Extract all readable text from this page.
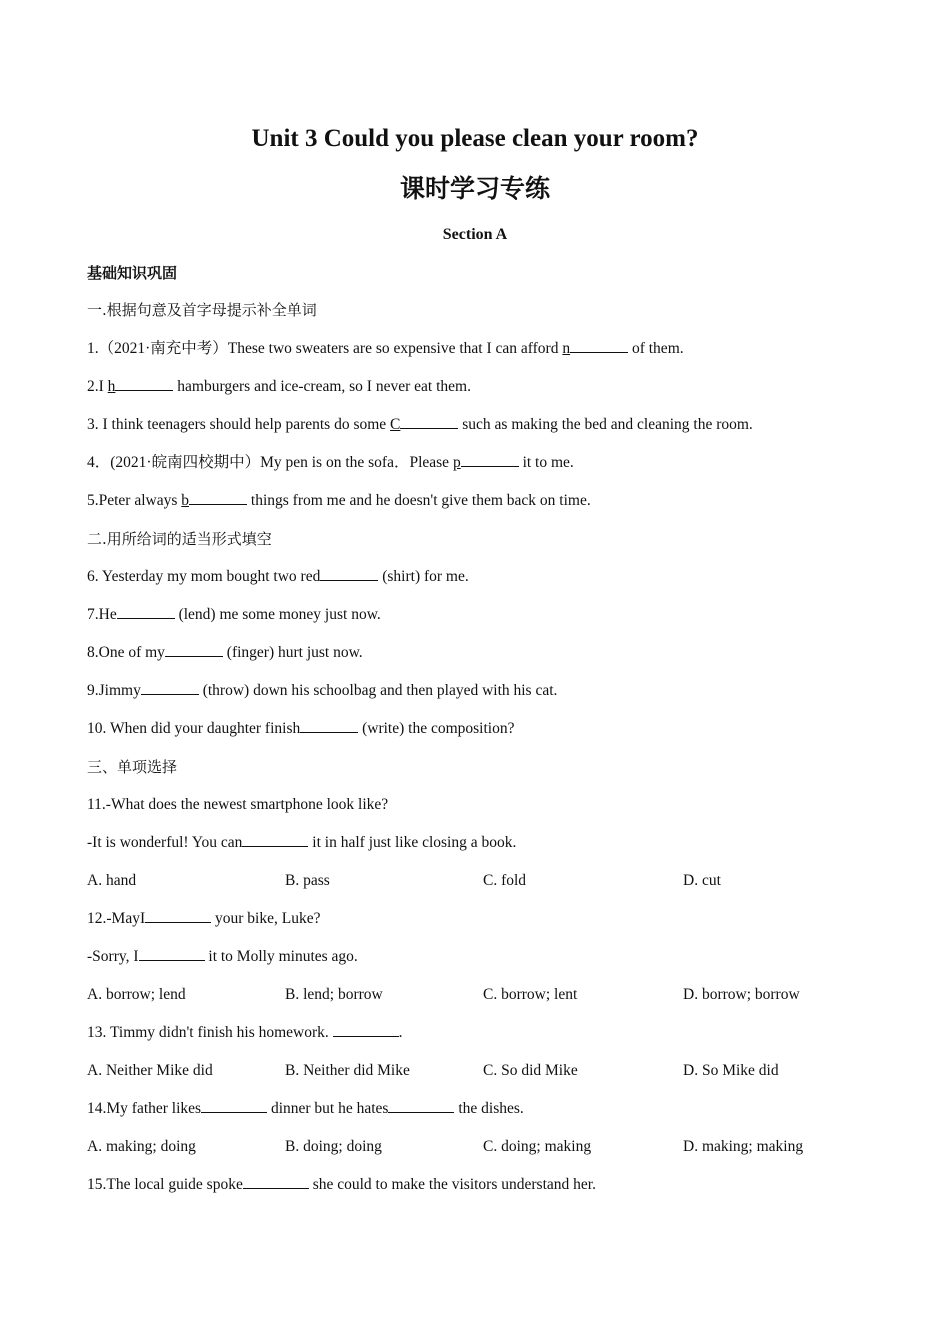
Unit 3 Could you please clean your room?
课时学习专练
Section A
基础知识巩固
一.根据句意及首字母提示补全单词
1.（2021·南充中考）These two sweaters are so expensive that I can afford n	of them.
2.I h	hamburgers and ice-cream, so I never eat them.
3. I think teenagers should help parents do some C	such as making the bed and cleaning the room.
4．(2021·皖南四校期中）My pen is on the sofa．Please p	it to me.
5.Peter always b	things from me and he doesn't give them back on time.
二.用所给词的适当形式填空
6. Yesterday my mom bought two red	(shirt) for me.
7.He	(lend) me some money just now.
8.One of my	(finger) hurt just now.
9.Jimmy	(throw) down his schoolbag and then played with his cat.
10. When did your daughter finish	(write) the composition?
三、单项选择
11.-What does the newest smartphone look like?
-It is wonderful! You can	it in half just like closing a book.
A. hand	B. pass	C. fold	D. cut
12.-MayI	your bike, Luke?
-Sorry, I	it to Molly minutes ago.
A. borrow; lend	B. lend; borrow	C. borrow; lent	D. borrow; borrow
13. Timmy didn't finish his homework.	.
A. Neither Mike did	B. Neither did Mike	C. So did Mike	D. So Mike did
14.My father likes	dinner but he hates	the dishes.
A. making; doing	B. doing; doing	C. doing; making	D. making; making
15.The local guide spoke	she could to make the visitors understand her.
